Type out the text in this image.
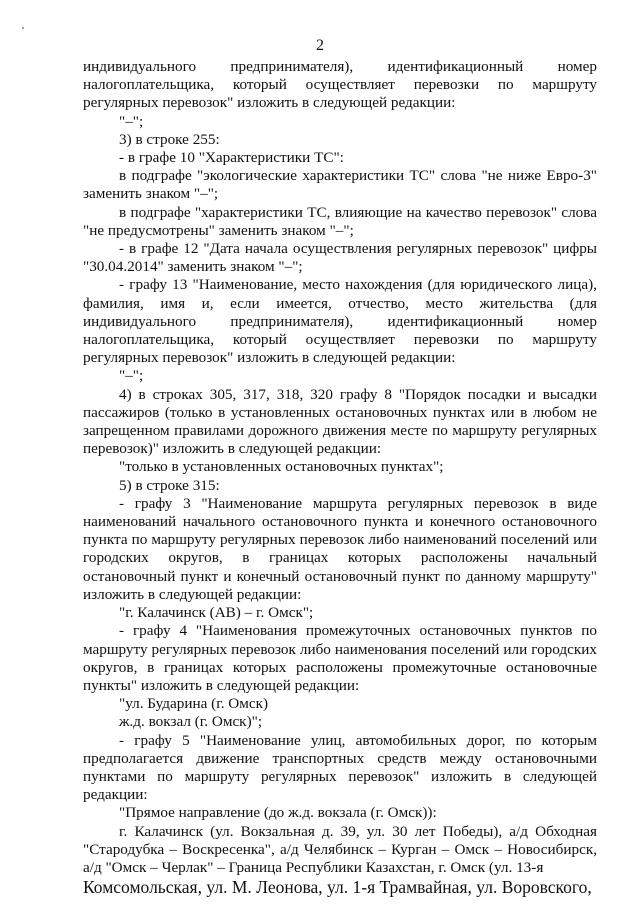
2

индивидуального предпринимателя), идентификационный номер налогоплательщика, который осуществляет перевозки по маршруту регулярных перевозок" изложить в следующей редакции:

"–";

3) в строке 255:

- в графе 10 "Характеристики ТС":

в подграфе "экологические характеристики ТС" слова "не ниже Евро-3" заменить знаком "–";

в подграфе "характеристики ТС, влияющие на качество перевозок" слова "не предусмотрены" заменить знаком "–";

- в графе 12 "Дата начала осуществления регулярных перевозок" цифры "30.04.2014" заменить знаком "–";

- графу 13 "Наименование, место нахождения (для юридического лица), фамилия, имя и, если имеется, отчество, место жительства (для индивидуального предпринимателя), идентификационный номер налогоплательщика, который осуществляет перевозки по маршруту регулярных перевозок" изложить в следующей редакции:

"–";

4) в строках 305, 317, 318, 320 графу 8 "Порядок посадки и высадки пассажиров (только в установленных остановочных пунктах или в любом не запрещенном правилами дорожного движения месте по маршруту регулярных перевозок)" изложить в следующей редакции:

"только в установленных остановочных пунктах";

5) в строке 315:

- графу 3 "Наименование маршрута регулярных перевозок в виде наименований начального остановочного пункта и конечного остановочного пункта по маршруту регулярных перевозок либо наименований поселений или городских округов, в границах которых расположены начальный остановочный пункт и конечный остановочный пункт по данному маршруту" изложить в следующей редакции:

"г. Калачинск (АВ) – г. Омск";

- графу 4 "Наименования промежуточных остановочных пунктов по маршруту регулярных перевозок либо наименования поселений или городских округов, в границах которых расположены промежуточные остановочные пункты" изложить в следующей редакции:

"ул. Бударина (г. Омск)

ж.д. вокзал (г. Омск)";

- графу 5 "Наименование улиц, автомобильных дорог, по которым предполагается движение транспортных средств между остановочными пунктами по маршруту регулярных перевозок" изложить в следующей редакции:

"Прямое направление (до ж.д. вокзала (г. Омск)):

г. Калачинск (ул. Вокзальная д. 39, ул. 30 лет Победы), а/д Обходная "Стародубка – Воскресенка", а/д Челябинск – Курган – Омск – Новосибирск, а/д "Омск – Черлак" – Граница Республики Казахстан, г. Омск (ул. 13-я

Комсомольская, ул. М. Леонова, ул. 1-я Трамвайная, ул. Воровского,
